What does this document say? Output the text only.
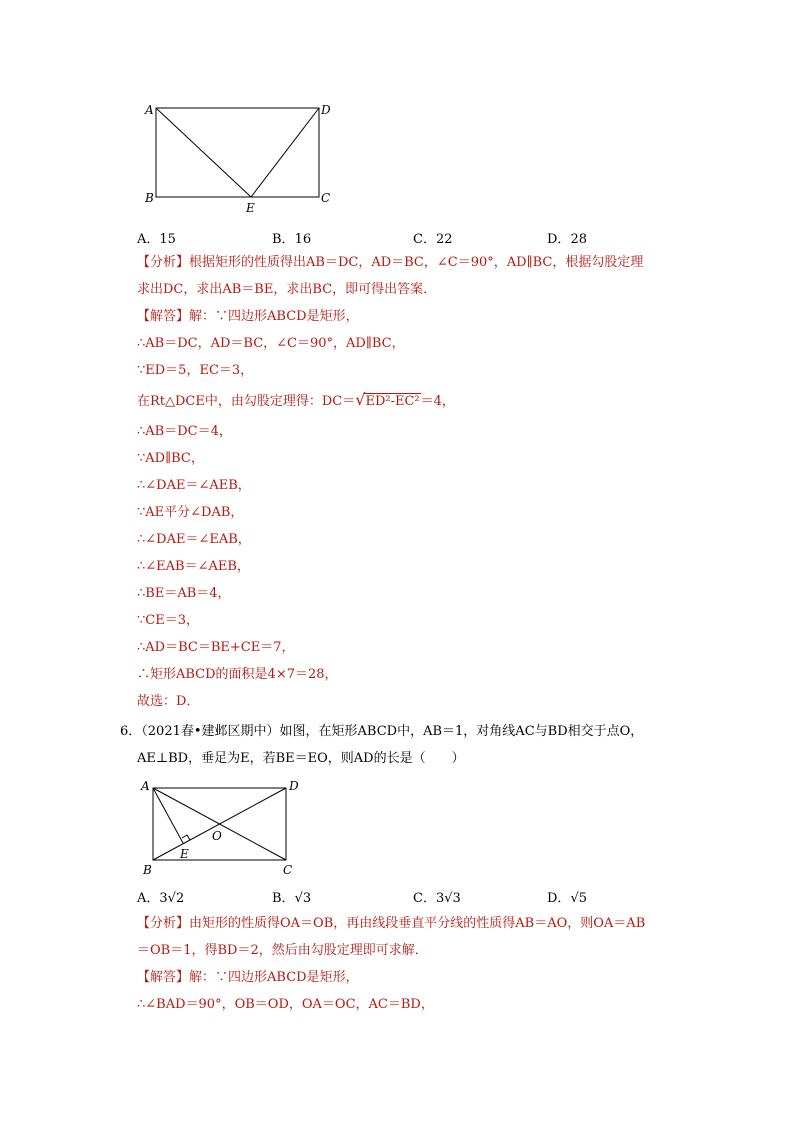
A	D
B	C
E
A．15	B．16	C．22	D．28
【分析】根据矩形的性质得出AB＝DC，AD＝BC，∠C＝90°，AD∥BC，根据勾股定理
求出DC，求出AB＝BE，求出BC，即可得出答案．
【解答】解：∵四边形ABCD是矩形，
∴AB＝DC，AD＝BC，∠C＝90°，AD∥BC，
∵ED＝5，EC＝3，
在Rt△DCE中，由勾股定理得：DC＝√ED²-EC²＝4，
∴AB＝DC＝4，
∵AD∥BC，
∴∠DAE＝∠AEB，
∵AE平分∠DAB，
∴∠DAE＝∠EAB，
∴∠EAB＝∠AEB，
∴BE＝AB＝4，
∵CE＝3，
∴AD＝BC＝BE+CE＝7，
∴矩形ABCD的面积是4×7＝28，
故选：D．
6．（2021春•建邺区期中）如图，在矩形ABCD中，AB＝1，对角线AC与BD相交于点O，
AE⊥BD，垂足为E，若BE＝EO，则AD的长是（　　）
A	D
B	C
E
O
A．3√2	B．√3	C．3√3	D．√5
【分析】由矩形的性质得OA＝OB，再由线段垂直平分线的性质得AB＝AO，则OA＝AB
＝OB＝1，得BD＝2，然后由勾股定理即可求解．
【解答】解：∵四边形ABCD是矩形，
∴∠BAD＝90°，OB＝OD，OA＝OC，AC＝BD，
